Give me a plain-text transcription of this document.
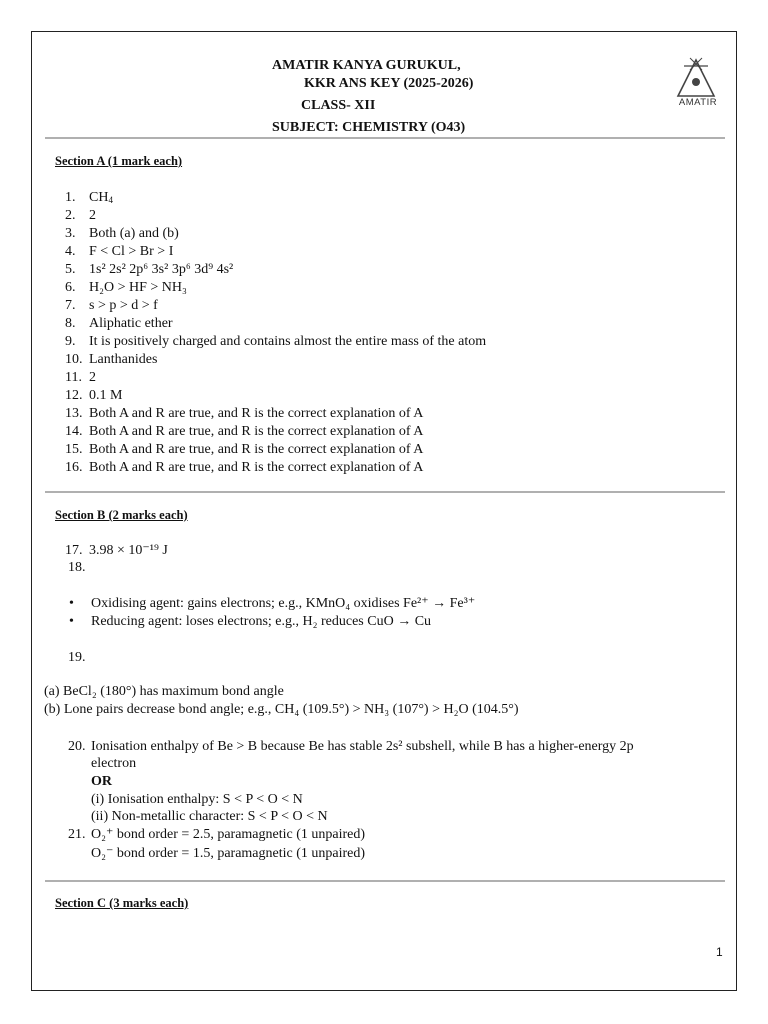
AMATIR KANYA GURUKUL,
KKR ANS KEY (2025-2026)
CLASS- XII
SUBJECT: CHEMISTRY (O43)
AMATIR
Section A (1 mark each)
1. $CH_4$
2. 2
3. Both (a) and (b)
4. F < Cl > Br > I
5. 1s² 2s² 2p⁶ 3s² 3p⁶ 3d⁹ 4s²
6. H₂O > HF > NH₃
7. s > p > d > f
8. Aliphatic ether
9. It is positively charged and contains almost the entire mass of the atom
10. Lanthanides
11. 2
12. 0.1 M
13. Both A and R are true, and R is the correct explanation of A
14. Both A and R are true, and R is the correct explanation of A
15. Both A and R are true, and R is the correct explanation of A
16. Both A and R are true, and R is the correct explanation of A
Section B (2 marks each)
17. 3.98 × 10⁻¹⁹ J
18.
• Oxidising agent: gains electrons; e.g., KMnO₄ oxidises Fe²⁺ → Fe³⁺
• Reducing agent: loses electrons; e.g., H₂ reduces CuO → Cu
19.
(a) BeCl₂ (180°) has maximum bond angle
(b) Lone pairs decrease bond angle; e.g., CH₄ (109.5°) > NH₃ (107°) > H₂O (104.5°)
20. Ionisation enthalpy of Be > B because Be has stable 2s² subshell, while B has a higher-energy 2p
electron
OR
(i) Ionisation enthalpy: S < P < O < N
(ii) Non-metallic character: S < P < O < N
21. O₂⁺ bond order = 2.5, paramagnetic (1 unpaired)
O₂⁻ bond order = 1.5, paramagnetic (1 unpaired)
Section C (3 marks each)
1
